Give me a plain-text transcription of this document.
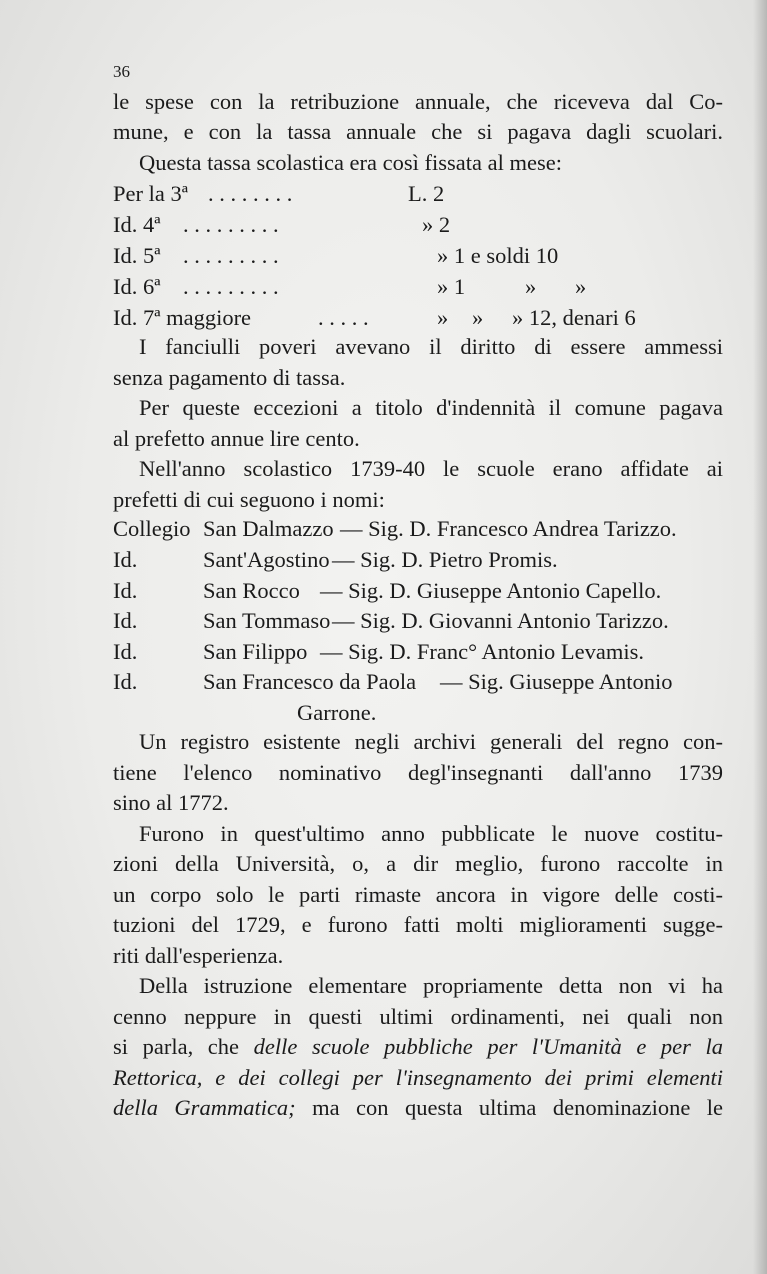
36
le spese con la retribuzione annuale, che riceveva dal Co-
mune, e con la tassa annuale che si pagava dagli scuolari.
Questa tassa scolastica era così fissata al mese:
Per la 3ª . . . . . . . .	L. 2
Id. 4ª . . . . . . . . .	» 2
Id. 5ª . . . . . . . . .	» 1 e soldi 10
Id. 6ª . . . . . . . . .	» 1	» »
Id. 7ª maggiore	. . . . .	» » » 12, denari 6
I fanciulli poveri avevano il diritto di essere ammessi
senza pagamento di tassa.
Per queste eccezioni a titolo d'indennità il comune pagava
al prefetto annue lire cento.
Nell'anno scolastico 1739-40 le scuole erano affidate ai
prefetti di cui seguono i nomi:
Collegio San Dalmazzo — Sig. D. Francesco Andrea Tarizzo.
Id.	Sant'Agostino — Sig. D. Pietro Promis.
Id.	San Rocco — Sig. D. Giuseppe Antonio Capello.
Id.	San Tommaso — Sig. D. Giovanni Antonio Tarizzo.
Id.	San Filippo — Sig. D. Franc° Antonio Levamis.
Id.	San Francesco da Paola — Sig. Giuseppe Antonio
Garrone.
Un registro esistente negli archivi generali del regno con-
tiene l'elenco nominativo degl'insegnanti dall'anno 1739
sino al 1772.
Furono in quest'ultimo anno pubblicate le nuove costitu-
zioni della Università, o, a dir meglio, furono raccolte in
un corpo solo le parti rimaste ancora in vigore delle costi-
tuzioni del 1729, e furono fatti molti miglioramenti sugge-
riti dall'esperienza.
Della istruzione elementare propriamente detta non vi ha
cenno neppure in questi ultimi ordinamenti, nei quali non
si parla, che delle scuole pubbliche per l'Umanità e per la
Rettorica, e dei collegi per l'insegnamento dei primi elementi
della Grammatica; ma con questa ultima denominazione le
